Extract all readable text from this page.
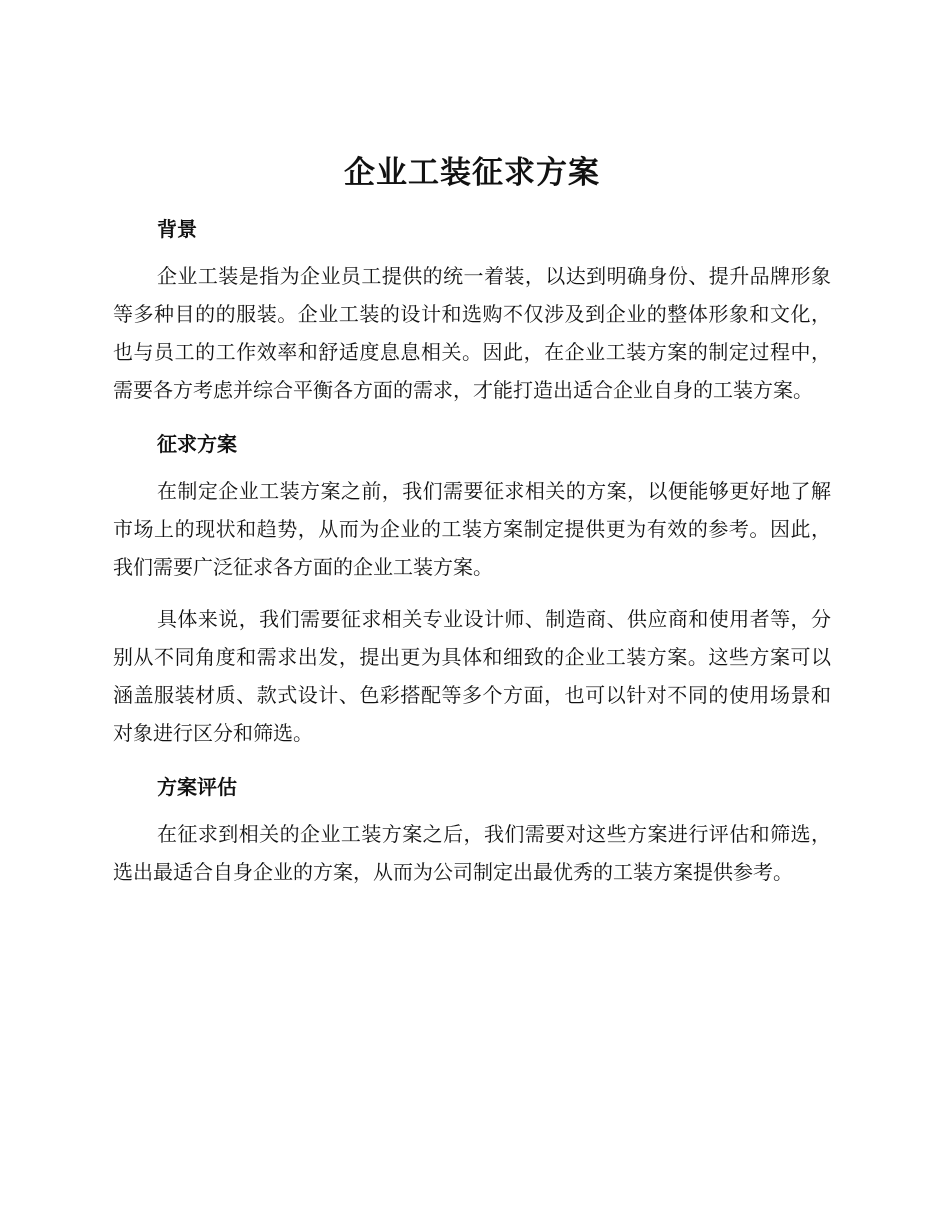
企业工装征求方案
背景

企业工装是指为企业员工提供的统一着装，以达到明确身份、提升品牌形象等多种目的的服装。企业工装的设计和选购不仅涉及到企业的整体形象和文化，也与员工的工作效率和舒适度息息相关。因此，在企业工装方案的制定过程中，需要各方考虑并综合平衡各方面的需求，才能打造出适合企业自身的工装方案。

征求方案

在制定企业工装方案之前，我们需要征求相关的方案，以便能够更好地了解市场上的现状和趋势，从而为企业的工装方案制定提供更为有效的参考。因此，我们需要广泛征求各方面的企业工装方案。

具体来说，我们需要征求相关专业设计师、制造商、供应商和使用者等，分别从不同角度和需求出发，提出更为具体和细致的企业工装方案。这些方案可以涵盖服装材质、款式设计、色彩搭配等多个方面，也可以针对不同的使用场景和对象进行区分和筛选。

方案评估

在征求到相关的企业工装方案之后，我们需要对这些方案进行评估和筛选，选出最适合自身企业的方案，从而为公司制定出最优秀的工装方案提供参考。
